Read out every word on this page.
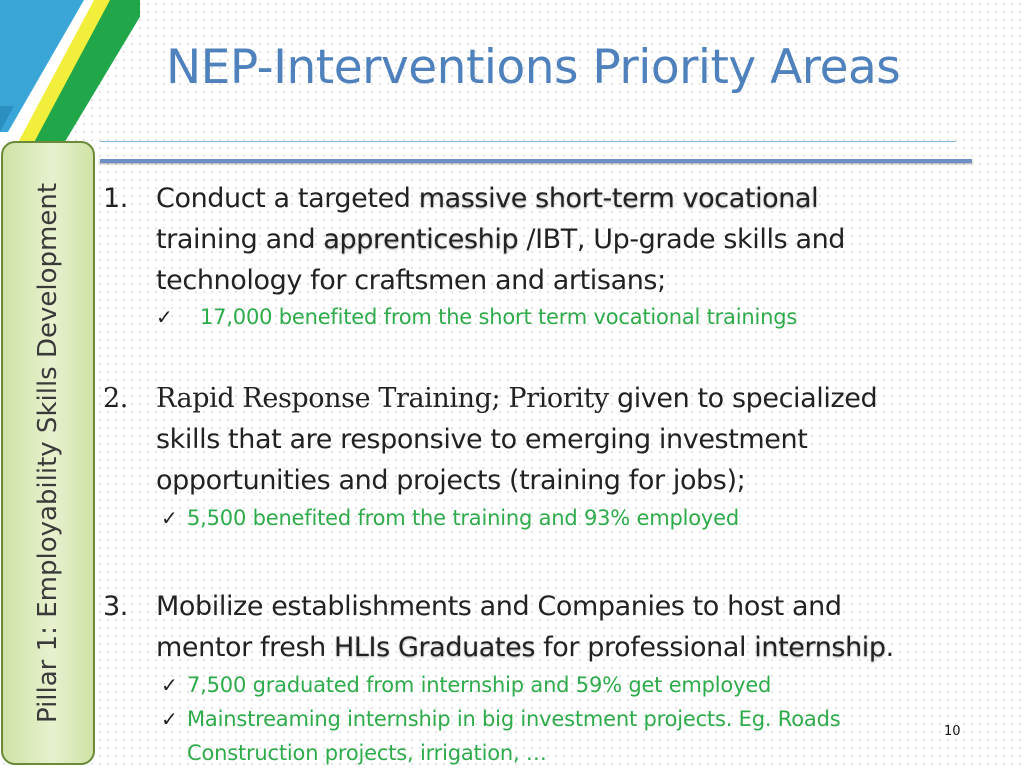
NEP-Interventions Priority Areas
Pillar 1: Employability Skills Development 1. Conduct a targeted massive short-term vocational
training and apprenticeship /IBT, Up-grade skills and
technology for craftsmen and artisans;
✓ 17,000 benefited from the short term vocational trainings
2. Rapid Response Training; Priority given to specialized
skills that are responsive to emerging investment
opportunities and projects (training for jobs);
✓ 5,500 benefited from the training and 93% employed
3. Mobilize establishments and Companies to host and
mentor fresh HLIs Graduates for professional internship.
✓ 7,500 graduated from internship and 59% get employed
✓ Mainstreaming internship in big investment projects. Eg. Roads
Construction projects, irrigation, …
10
